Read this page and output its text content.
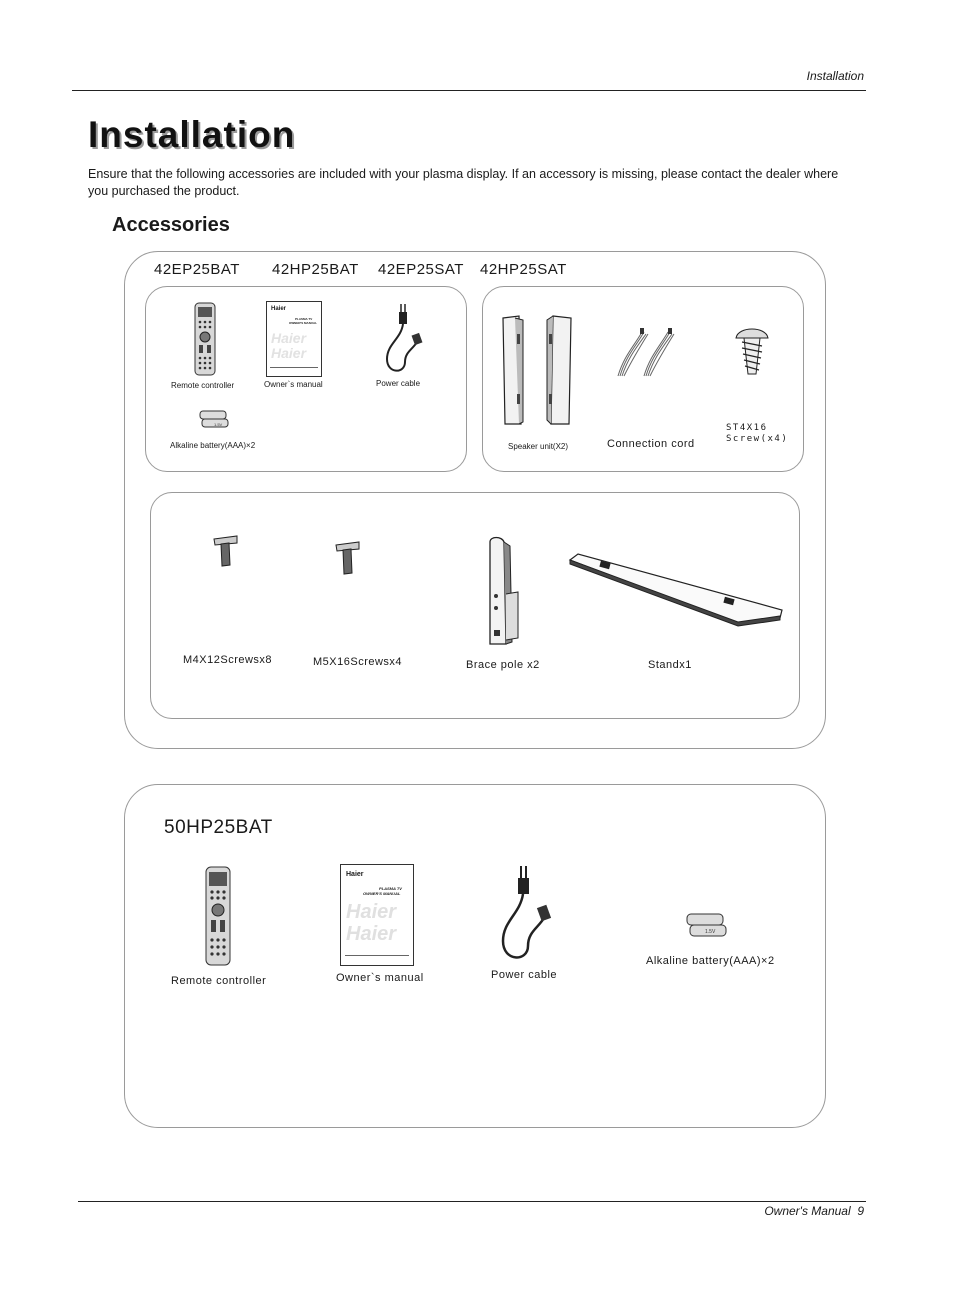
Installation
Installation
Ensure that the following accessories are included with your plasma display. If an accessory is missing, please contact the dealer where you purchased the product.
Accessories
42EP25BAT 42HP25BAT 42EP25SAT 42HP25SAT
Remote controller
Haier
PLASMA TV
OWNER'S MANUAL
Haier
Haier
Owner`s manual	Power cable
1.5V
Alkaline battery(AAA)×2	Speaker unit(X2)	Connection cord
ST4X16
Screw(x4)
M4X12Screwsx8	M5X16Screwsx4	Brace pole x2	Standx1
50HP25BAT
Remote controller
Haier
PLASMA TV
OWNER'S MANUAL
Haier
Haier
Owner`s manual	Power cable
1.5V
Alkaline battery(AAA)×2
Owner's Manual 9
